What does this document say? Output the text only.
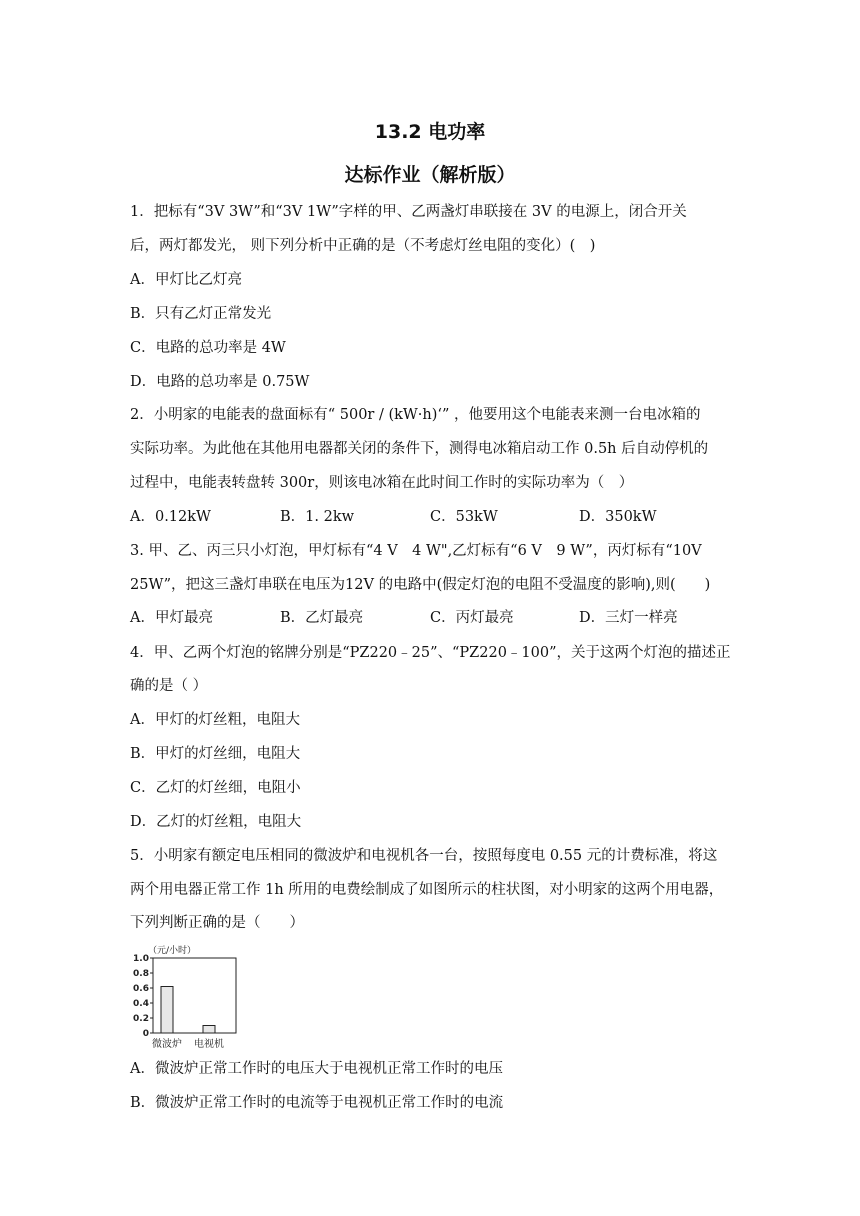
13.2 电功率
达标作业（解析版）
1．把标有“3V 3W”和“3V 1W”字样的甲、乙两盏灯串联接在 3V 的电源上，闭合开关
后，两灯都发光， 则下列分析中正确的是（不考虑灯丝电阻的变化）(　)
A．甲灯比乙灯亮
B．只有乙灯正常发光
C．电路的总功率是 4W
D．电路的总功率是 0.75W
2．小明家的电能表的盘面标有“ 500r / (kW·h)‘” ，他要用这个电能表来测一台电冰箱的
实际功率。为此他在其他用电器都关闭的条件下，测得电冰箱启动工作 0.5h 后自动停机的
过程中，电能表转盘转 300r，则该电冰箱在此时间工作时的实际功率为（　）
A．0.12kW	B．1. 2kw	C．53kW	D．350kW
3. 甲、乙、丙三只小灯泡，甲灯标有“4 V　4 W",乙灯标有“6 V　9 W”，丙灯标有“10V
25W”，把这三盏灯串联在电压为12V 的电路中(假定灯泡的电阻不受温度的影响),则(　　)
A．甲灯最亮	B．乙灯最亮	C．丙灯最亮	D．三灯一样亮
4．甲、乙两个灯泡的铭牌分别是“PZ220﹣25”、“PZ220﹣100”，关于这两个灯泡的描述正
确的是（ ）
A．甲灯的灯丝粗，电阻大
B．甲灯的灯丝细，电阻大
C．乙灯的灯丝细，电阻小
D．乙灯的灯丝粗，电阻大
5．小明家有额定电压相同的微波炉和电视机各一台，按照每度电 0.55 元的计费标准，将这
两个用电器正常工作 1h 所用的电费绘制成了如图所示的柱状图，对小明家的这两个用电器，
下列判断正确的是（　　）
（元/小时）
0
0.2
0.4
0.6
0.8
1.0
微波炉 电视机
A．微波炉正常工作时的电压大于电视机正常工作时的电压
B．微波炉正常工作时的电流等于电视机正常工作时的电流
